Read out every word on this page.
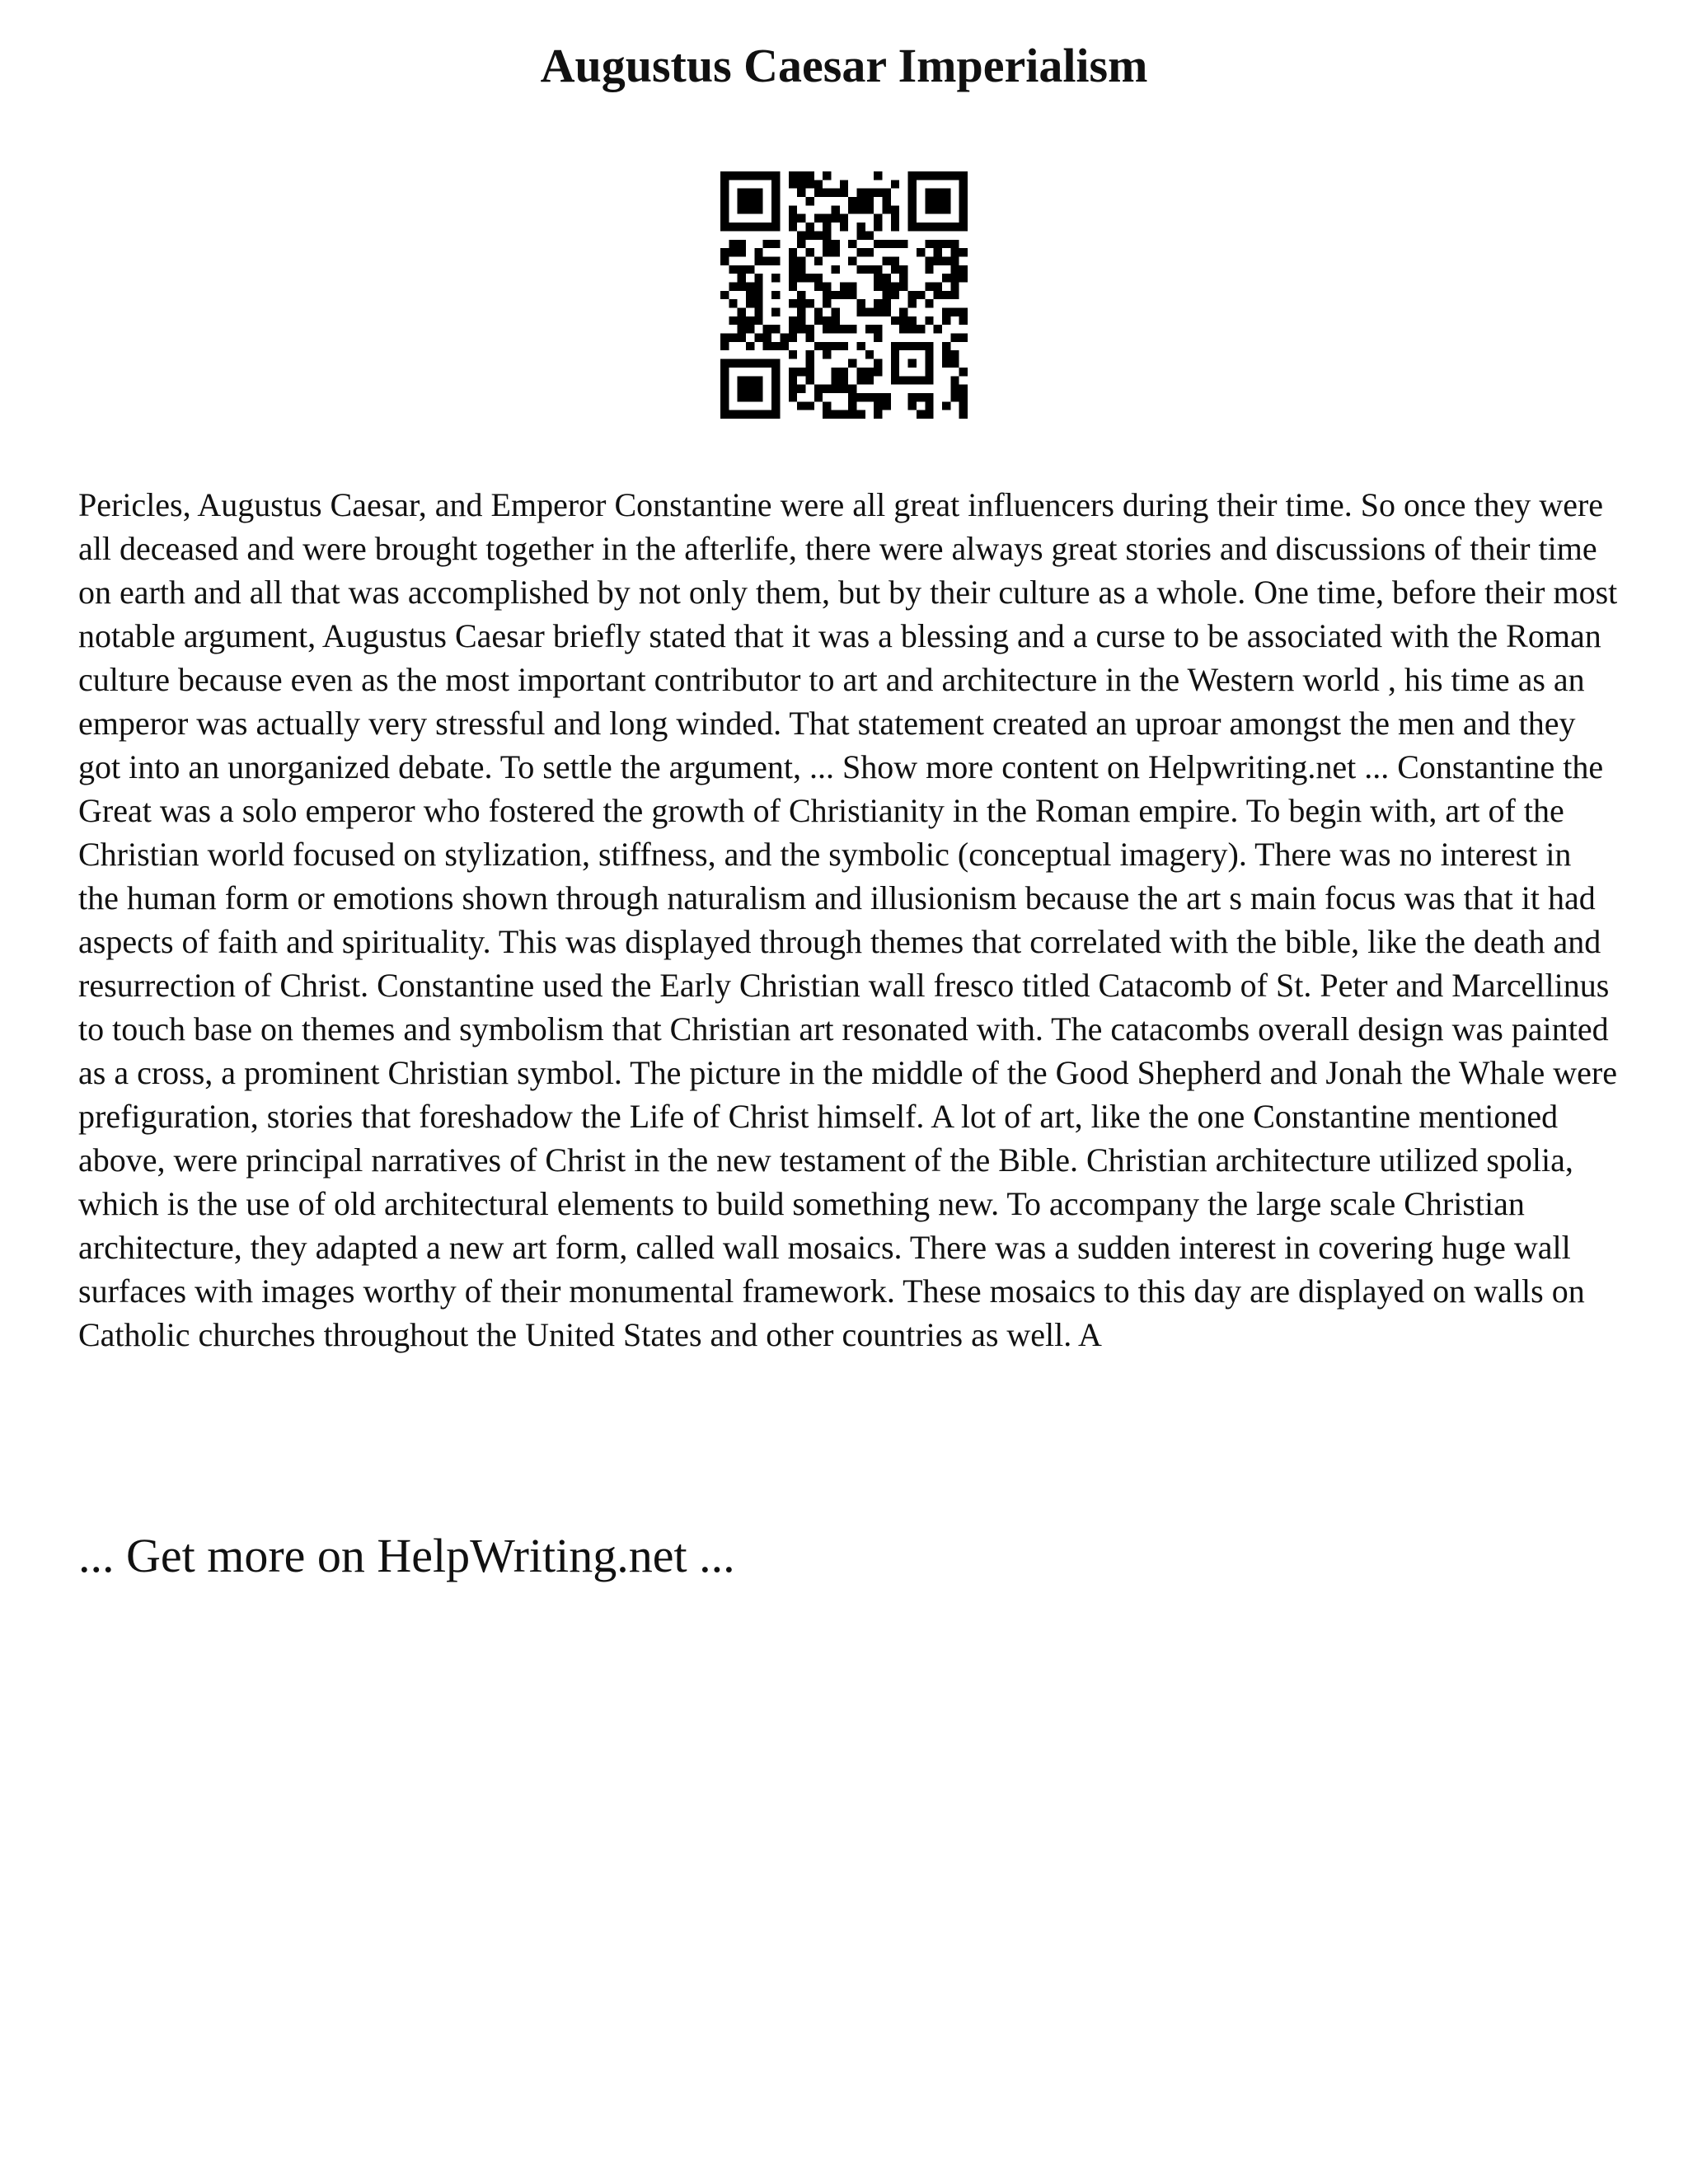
Augustus Caesar Imperialism

Pericles, Augustus Caesar, and Emperor Constantine were all great influencers during their time. So once they were all deceased and were brought together in the afterlife, there were always great stories and discussions of their time on earth and all that was accomplished by not only them, but by their culture as a whole. One time, before their most notable argument, Augustus Caesar briefly stated that it was a blessing and a curse to be associated with the Roman culture because even as the most important contributor to art and architecture in the Western world , his time as an emperor was actually very stressful and long winded. That statement created an uproar amongst the men and they got into an unorganized debate. To settle the argument, ... Show more content on Helpwriting.net ... Constantine the Great was a solo emperor who fostered the growth of Christianity in the Roman empire. To begin with, art of the Christian world focused on stylization, stiffness, and the symbolic (conceptual imagery). There was no interest in the human form or emotions shown through naturalism and illusionism because the art s main focus was that it had aspects of faith and spirituality. This was displayed through themes that correlated with the bible, like the death and resurrection of Christ. Constantine used the Early Christian wall fresco titled Catacomb of St. Peter and Marcellinus to touch base on themes and symbolism that Christian art resonated with. The catacombs overall design was painted as a cross, a prominent Christian symbol. The picture in the middle of the Good Shepherd and Jonah the Whale were prefiguration, stories that foreshadow the Life of Christ himself. A lot of art, like the one Constantine mentioned above, were principal narratives of Christ in the new testament of the Bible. Christian architecture utilized spolia, which is the use of old architectural elements to build something new. To accompany the large scale Christian architecture, they adapted a new art form, called wall mosaics. There was a sudden interest in covering huge wall surfaces with images worthy of their monumental framework. These mosaics to this day are displayed on walls on Catholic churches throughout the United States and other countries as well. A

... Get more on HelpWriting.net ...
